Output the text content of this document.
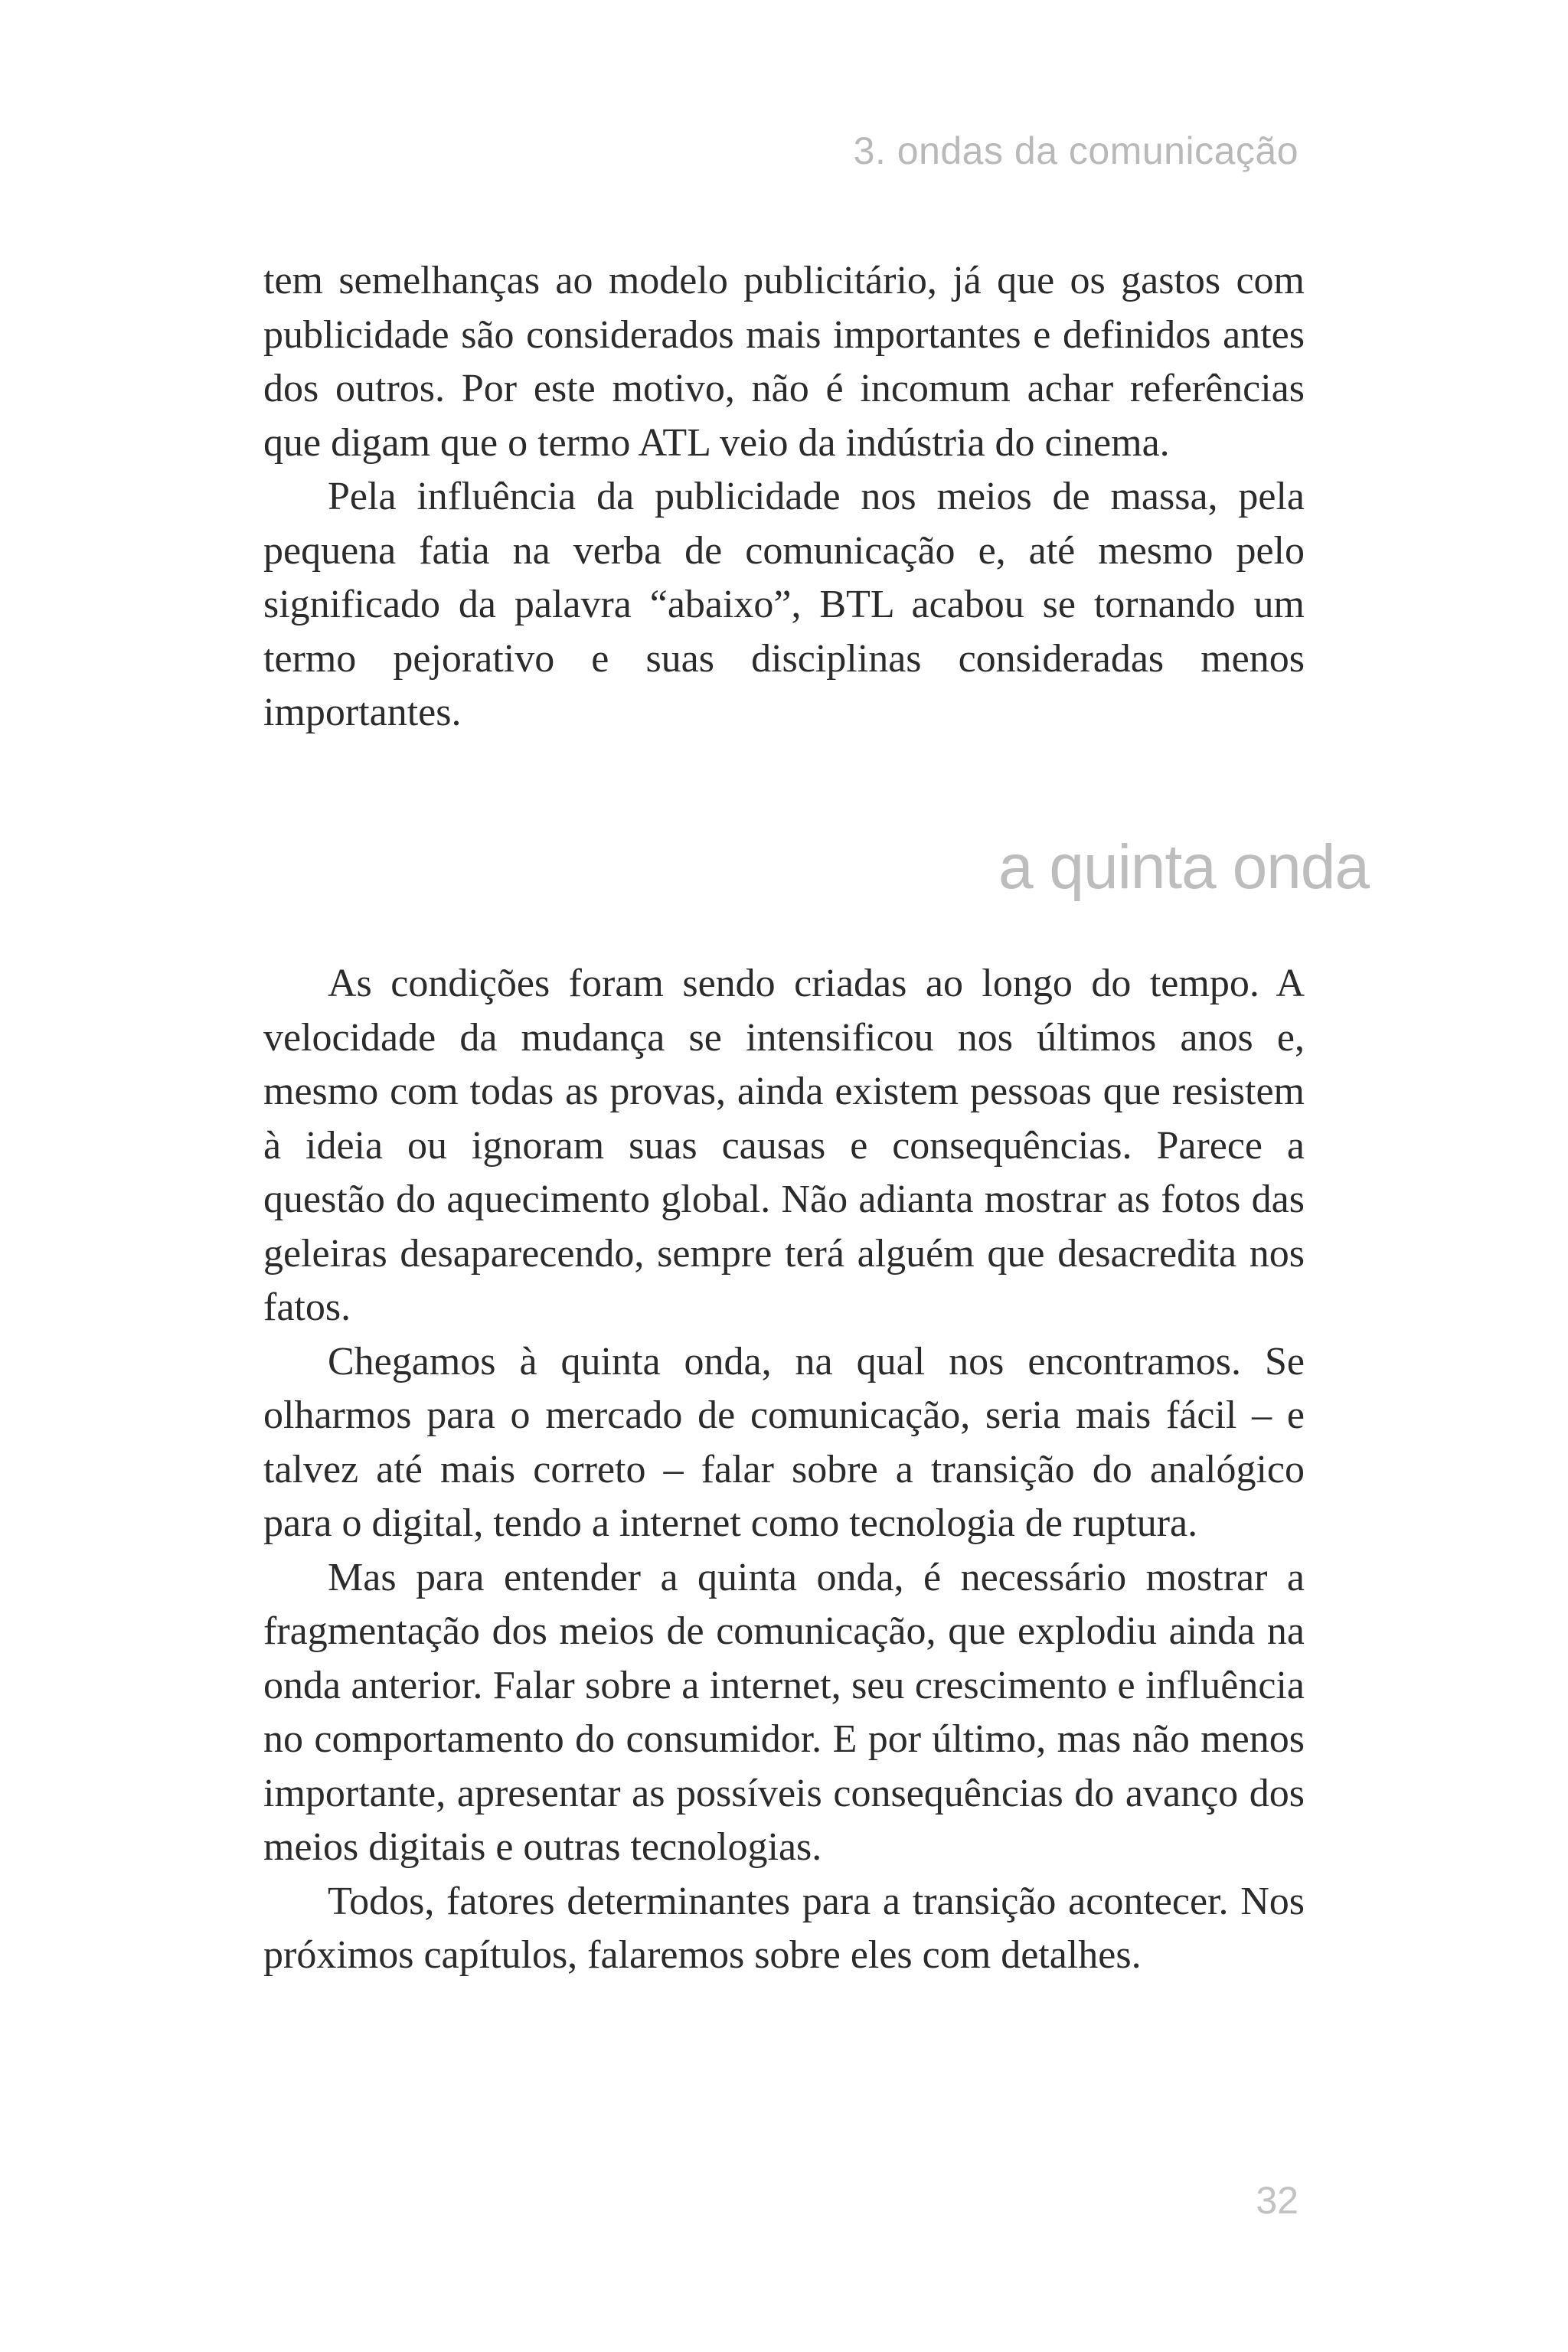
3. ondas da comunicação

tem semelhanças ao modelo publicitário, já que os gastos com publicidade são considerados mais importantes e definidos antes dos outros. Por este motivo, não é incomum achar referências que digam que o termo ATL veio da indústria do cinema.

Pela influência da publicidade nos meios de massa, pela pequena fatia na verba de comunicação e, até mesmo pelo significado da palavra “abaixo”, BTL acabou se tornando um termo pejorativo e suas disciplinas consideradas menos importantes.

a quinta onda

As condições foram sendo criadas ao longo do tempo. A velocidade da mudança se intensificou nos últimos anos e, mesmo com todas as provas, ainda existem pessoas que resistem à ideia ou ignoram suas causas e consequências. Parece a questão do aquecimento global. Não adianta mostrar as fotos das geleiras desaparecendo, sempre terá alguém que desacredita nos fatos.

Chegamos à quinta onda, na qual nos encontramos. Se olharmos para o mercado de comunicação, seria mais fácil – e talvez até mais correto – falar sobre a transição do analógico para o digital, tendo a internet como tecnologia de ruptura.

Mas para entender a quinta onda, é necessário mostrar a fragmentação dos meios de comunicação, que explodiu ainda na onda anterior. Falar sobre a internet, seu crescimento e influência no comportamento do consumidor. E por último, mas não menos importante, apresentar as possíveis consequências do avanço dos meios digitais e outras tecnologias.

Todos, fatores determinantes para a transição acontecer. Nos próximos capítulos, falaremos sobre eles com detalhes.

32
